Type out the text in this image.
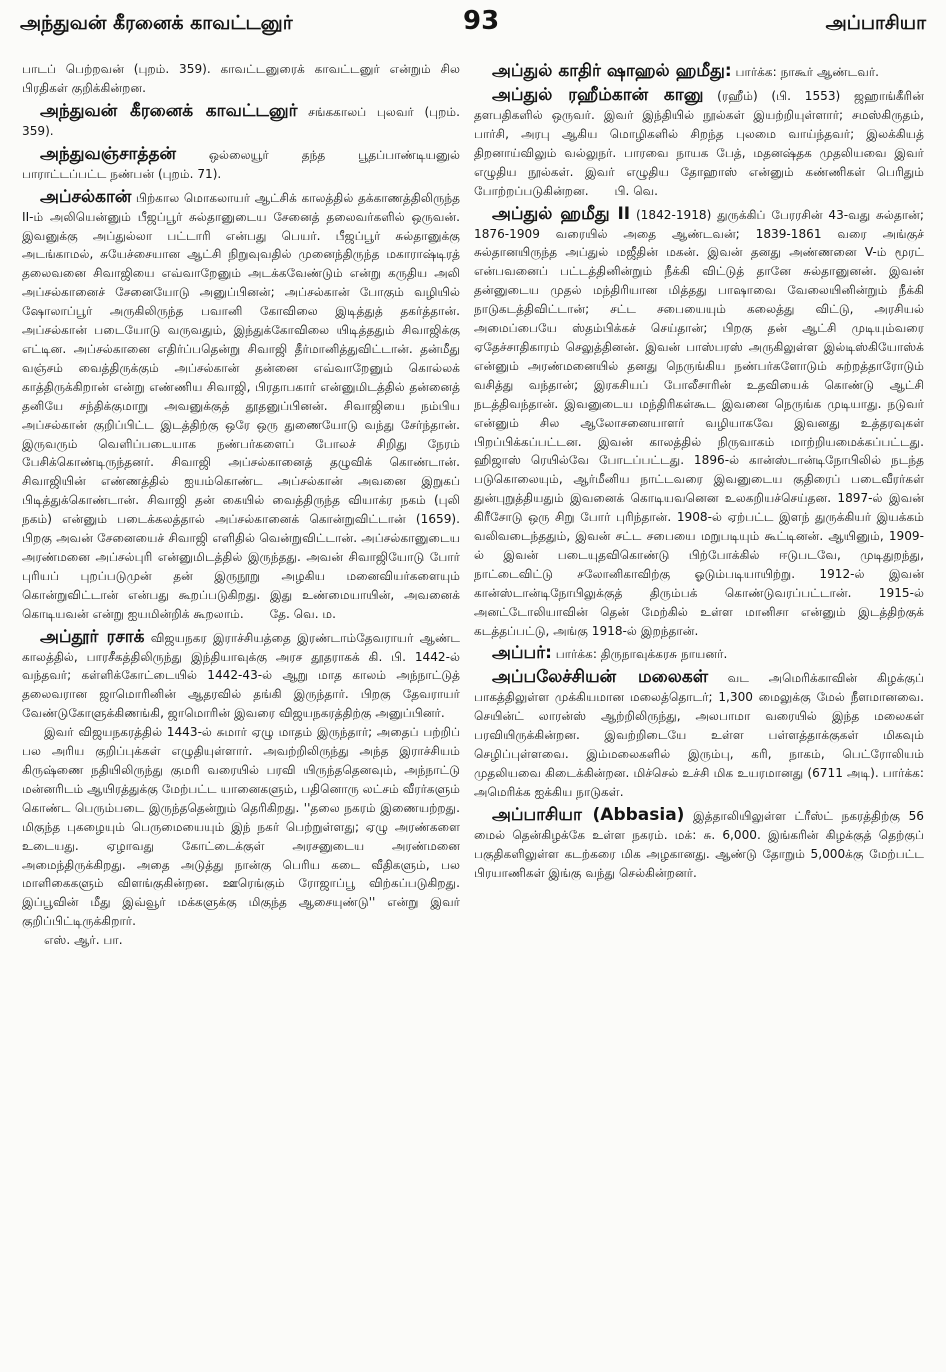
அந்துவன் கீரனைக் காவட்டனுர்	93	அப்பாசியா
பாடப் பெற்றவன் (புறம். 359). காவட்டனுரைக் காவட்டனுர் என்றும் சில பிரதிகள் குறிக்கின்றன.
அந்துவன் கீரனைக் காவட்டனுர் சங்ககாலப் புலவர் (புறம். 359).
அந்துவஞ்சாத்தன்	ஒல்லையூர் தந்த பூதப்பாண்டியனுல் பாராட்டப்பட்ட நண்பன் (புறம். 71).
அப்சல்கான் பிற்கால மொகலாயர் ஆட்சிக் காலத்தில் தக்காணத்திலிருந்த II-ம் அலியென்னும் பீஜப்பூர் சுல்தானுடைய சேனைத் தலைவர்களில் ஒருவன். இவனுக்கு அப்துல்லா பட்டாரி என்பது பெயர். பீஜப்பூர் சுல்தானுக்கு அடங்காமல், சுயேச்சையான ஆட்சி நிறுவுவதில் முனைந்திருந்த மகாராஷ்டிரத் தலைவனை சிவாஜியை எவ்வாறேனும் அடக்கவேண்டும் என்று கருதிய அலி அப்சல்கானைச் சேனையோடு அனுப்பினன்; அப்சல்கான் போகும் வழியில் ஷோலாப்பூர் அருகிலிருந்த பவானி கோவிலை இடித்துத் தகர்த்தான். அப்சல்கான் படையோடு வருவதும், இந்துக்கோவிலை யிடித்ததும் சிவாஜிக்கு எட்டின. அப்சல்கானை எதிர்ப்பதென்று சிவாஜி தீர்மானித்துவிட்டான். தன்மீது வஞ்சம் வைத்திருக்கும் அப்சல்கான் தன்னை எவ்வாறேனும் கொல்லக் காத்திருக்கிறான் என்று எண்ணிய சிவாஜி, பிரதாபகார் என்னுமிடத்தில் தன்னைத் தனியே சந்திக்குமாறு அவனுக்குத் தூதனுப்பினன். சிவாஜியை நம்பிய அப்சல்கான் குறிப்பிட்ட இடத்திற்கு ஒரே ஒரு துணையோடு வந்து சேர்ந்தான். இருவரும் வெளிப்படையாக நண்பர்களைப் போலச் சிறிது நேரம் பேசிக்கொண்டிருந்தனர். சிவாஜி அப்சல்கானைத் தழுவிக் கொண்டான். சிவாஜியின் எண்ணத்தில் ஐயம்கொண்ட அப்சல்கான் அவனை இறுகப் பிடித்துக்கொண்டான். சிவாஜி தன் கையில் வைத்திருந்த வியாக்ர நகம் (புலி நகம்) என்னும் படைக்கலத்தால் அப்சல்கானைக் கொன்றுவிட்டான் (1659). பிறகு அவன் சேனையைச் சிவாஜி எளிதில் வென்றுவிட்டான். அப்சல்கானுடைய அரண்மனை அப்சல்புரி என்னுமிடத்தில் இருந்தது. அவன் சிவாஜியோடு போர் புரியப் புறப்படுமுன் தன் இருநூறு அழகிய மனைவியர்களையும் கொன்றுவிட்டான் என்பது கூறப்படுகிறது. இது உண்மையாயின், அவனைக் கொடியவன் என்று ஐயமின்றிக் கூறலாம். தே. வெ. ம.
அப்தூர் ரசாக் விஜயநகர இராச்சியத்தை இரண்டாம்தேவராயர் ஆண்ட காலத்தில், பாரசீகத்திலிருந்து இந்தியாவுக்கு அரச தூதராகக் கி. பி. 1442-ல் வந்தவர்; கள்ளிக்கோட்டையில் 1442-43-ல் ஆறு மாத காலம் அந்நாட்டுத் தலைவரான ஜாமொரினின் ஆதரவில் தங்கி இருந்தார். பிறகு தேவராயர் வேண்டுகோளுக்கிணங்கி, ஜாமொரின் இவரை விஜயநகரத்திற்கு அனுப்பினர்.

இவர் விஜயநகரத்தில் 1443-ல் சுமார் ஏழு மாதம் இருந்தார்; அதைப் பற்றிப் பல அரிய குறிப்புக்கள் எழுதியுள்ளார். அவற்றிலிருந்து அந்த இராச்சியம் கிருஷ்ணை நதியிலிருந்து குமரி வரையில் பரவி யிருந்ததெனவும், அந்நாட்டு மன்னரிடம் ஆயிரத்துக்கு மேற்பட்ட யானைகளும், பதினொரு லட்சம் வீரர்களும் கொண்ட பெரும்படை இருந்ததென்றும் தெரிகிறது. ''தலை நகரம் இணையற்றது. மிகுந்த புகழையும் பெருமையையும் இந் நகர் பெற்றுள்ளது; ஏழு அரண்களை உடையது. ஏழாவது கோட்டைக்குள் அரசனுடைய அரண்மனை அமைந்திருக்கிறது. அதை அடுத்து நான்கு பெரிய கடை வீதிகளும், பல மாளிகைகளும் விளங்குகின்றன. ஊரெங்கும் ரோஜாப்பூ விற்கப்படுகிறது. இப்பூவின் மீது இவ்வூர் மக்களுக்கு மிகுந்த ஆசையுண்டு'' என்று இவர் குறிப்பிட்டிருக்கிறார்.

எஸ். ஆர். பா.
அப்துல் காதிர் ஷாஹல் ஹமீது: பார்க்க: நாகூர் ஆண்டவர்.
அப்துல் ரஹீம்கான் கானு (ரஹீம்) (பி. 1553) ஜஹாங்கீரின் தளபதிகளில் ஒருவர். இவர் இந்தியில் நூல்கள் இயற்றியுள்ளார்; சமஸ்கிருதம், பார்சி, அரபு ஆகிய மொழிகளில் சிறந்த புலமை வாய்ந்தவர்; இலக்கியத் திறனாய்விலும் வல்லுநர். பாரவை நாயக பேத், மதனஷ்தக முதலியவை இவர் எழுதிய நூல்கள். இவர் எழுதிய தோஹாஸ் என்னும் கண்ணிகள் பெரிதும் போற்றப்படுகின்றன. பி. வெ.
அப்துல் ஹமீது II (1842-1918) துருக்கிப் பேரரசின் 43-வது சுல்தான்; 1876-1909 வரையில் அதை ஆண்டவன்; 1839-1861 வரை அங்குச் சுல்தானயிருந்த அப்துல் மஜீதின் மகன். இவன் தனது அண்ணனை V-ம் மூரட் என்பவனைப் பட்டத்தினின்றும் நீக்கி விட்டுத் தானே சுல்தானுனன். இவன் தன்னுடைய முதல் மந்திரியான மித்தது பாஷாவை வேலையினின்றும் நீக்கி நாடுகடத்திவிட்டான்; சட்ட சபையையும் கலைத்து விட்டு, அரசியல் அமைப்பையே ஸ்தம்பிக்கச் செய்தான்; பிறகு தன் ஆட்சி முடியும்வரை ஏதேச்சாதிகாரம் செலுத்தினன். இவன் பாஸ்பரஸ் அருகிலுள்ள இல்டிஸ்கியோஸ்க் என்னும் அரண்மனையில் தனது நெருங்கிய நண்பர்களோடும் சுற்றத்தாரோடும் வசித்து வந்தான்; இரகசியப் போலீசாரின் உதவியைக் கொண்டு ஆட்சி நடத்திவந்தான். இவனுடைய மந்திரிகள்கூட இவனை நெருங்க முடியாது. நடுவர் என்னும் சில ஆலோசனையாளர் வழியாகவே இவனது உத்தரவுகள் பிறப்பிக்கப்பட்டன. இவன் காலத்தில் நிருவாகம் மாற்றியமைக்கப்பட்டது. ஹிஜாஸ் ரெயில்வே போடப்பட்டது. 1896-ல் கான்ஸ்டான்டிநோபிலில் நடந்த படுகொலையும், ஆர்மீனிய நாட்டவரை இவனுடைய குதிரைப் படைவீரர்கள் துன்புறுத்தியதும் இவனைக் கொடியவனென உலகறியச்செய்தன. 1897-ல் இவன் கிரீசோடு ஒரு சிறு போர் புரிந்தான். 1908-ல் ஏற்பட்ட இளந் துருக்கியர் இயக்கம் வலிவடைந்ததும், இவன் சட்ட சபையை மறுபடியும் கூட்டினன். ஆயினும், 1909-ல் இவன் படையுதவிகொண்டு பிற்போக்கில் ஈடுபடவே, முடிதுறந்து, நாட்டைவிட்டு சலோனிகாவிற்கு ஓடும்படியாயிற்று. 1912-ல் இவன் கான்ஸ்டான்டிநோபிலுக்குத் திரும்பக் கொண்டுவரப்பட்டான். 1915-ல் அனட்டோலியாவின் தென் மேற்கில் உள்ள மானிசா என்னும் இடத்திற்குக் கடத்தப்பட்டு, அங்கு 1918-ல் இறந்தான்.
அப்பர்: பார்க்க: திருநாவுக்கரசு நாயனர்.
அப்பலேச்சியன் மலைகள் வட அமெரிக்காவின் கிழக்குப் பாகத்திலுள்ள முக்கியமான மலைத்தொடர்; 1,300 மைலுக்கு மேல் நீளமானவை. செயின்ட் லாரன்ஸ் ஆற்றிலிருந்து, அலபாமா வரையில் இந்த மலைகள் பரவியிருக்கின்றன. இவற்றிடையே உள்ள பள்ளத்தாக்குகள் மிகவும் செழிப்புள்ளவை. இம்மலைகளில் இரும்பு, கரி, நாகம், பெட்ரோலியம் முதலியவை கிடைக்கின்றன. மிச்செல் உச்சி மிக உயரமானது (6711 அடி). பார்க்க: அமெரிக்க ஐக்கிய நாடுகள்.
அப்பாசியா (Abbasia) இத்தாலியிலுள்ள ட்ரீஸ்ட் நகரத்திற்கு 56 மைல் தென்கிழக்கே உள்ள நகரம். மக்: சு. 6,000. இங்கரின் கிழக்குத் தெற்குப் பகுதிகளிலுள்ள கடற்கரை மிக அழகானது. ஆண்டு தோறும் 5,000க்கு மேற்பட்ட பிரயாணிகள் இங்கு வந்து செல்கின்றனர்.
